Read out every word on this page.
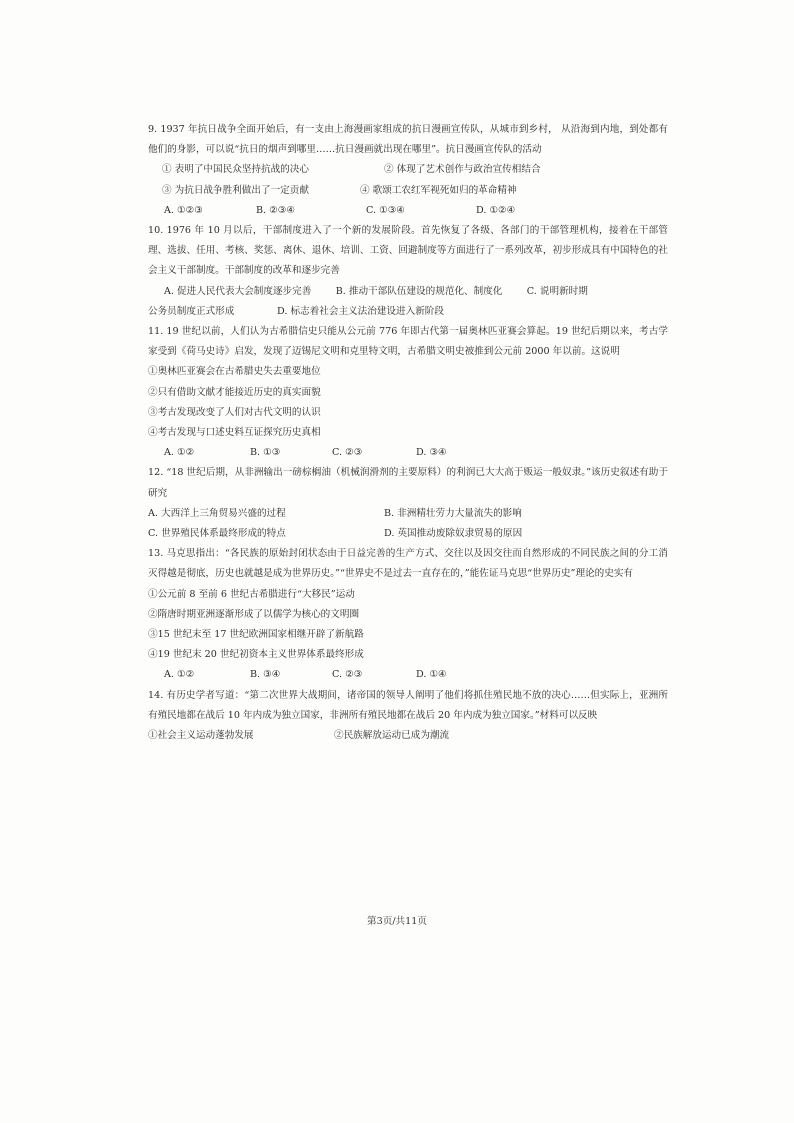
9. 1937 年抗日战争全面开始后，有一支由上海漫画家组成的抗日漫画宣传队，从城市到乡村， 从沿海到内地，到处都有他们的身影，可以说“抗日的烟声到哪里……抗日漫画就出现在哪里”。抗日漫画宣传队的活动

① 表明了中国民众坚持抗战的决心	② 体现了艺术创作与政治宣传相结合
③ 为抗日战争胜利做出了一定贡献	④ 歌颂工农红军视死如归的革命精神
A. ①②③	B. ②③④	C. ①③④	D. ①②④

10. 1976 年 10 月以后，干部制度进入了一个新的发展阶段。首先恢复了各级、各部门的干部管理机构，接着在干部管理、选拔、任用、考核、奖惩、离休、退休、培训、工资、回避制度等方面进行了一系列改革，初步形成具有中国特色的社会主义干部制度。干部制度的改革和逐步完善

A. 促进人民代表大会制度逐步完善        B. 推动干部队伍建设的规范化、制度化        C. 说明新时期

公务员制度正式形成              D. 标志着社会主义法治建设进入新阶段

11. 19 世纪以前，人们认为古希腊信史只能从公元前 776 年即古代第一届奥林匹亚赛会算起。19 世纪后期以来，考古学家受到《荷马史诗》启发，发现了迈锡尼文明和克里特文明，古希腊文明史被推到公元前 2000 年以前。这说明

①奥林匹亚赛会在古希腊史失去重要地位

②只有借助文献才能接近历史的真实面貌

③考古发现改变了人们对古代文明的认识

④考古发现与口述史料互证探究历史真相

A. ①②	B. ①③	C. ②③	D. ③④

12. “18 世纪后期，从非洲输出一磅棕榈油（机械润滑剂的主要原料）的利润已大大高于贩运一般奴隶。”该历史叙述有助于研究

A. 大西洋上三角贸易兴盛的过程	B. 非洲精壮劳力大量流失的影响
C. 世界殖民体系最终形成的特点	D. 英国推动废除奴隶贸易的原因

13. 马克思指出：“各民族的原始封闭状态由于日益完善的生产方式、交往以及因交往而自然形成的不同民族之间的分工消灭得越是彻底，历史也就越是成为世界历史。”“世界史不是过去一直存在的，”能佐证马克思“世界历史”理论的史实有

①公元前 8 至前 6 世纪古希腊进行“大移民”运动

②隋唐时期亚洲逐渐形成了以儒学为核心的文明圈

③15 世纪末至 17 世纪欧洲国家相继开辟了新航路

④19 世纪末 20 世纪初资本主义世界体系最终形成

A. ①②	B. ③④	C. ②③	D. ①④

14. 有历史学者写道：“第二次世界大战期间，诸帝国的领导人阐明了他们将抓住殖民地不放的决心……但实际上，亚洲所有殖民地都在战后 10 年内成为独立国家，非洲所有殖民地都在战后 20 年内成为独立国家。”材料可以反映

①社会主义运动蓬勃发展	②民族解放运动已成为潮流
第3页/共11页
